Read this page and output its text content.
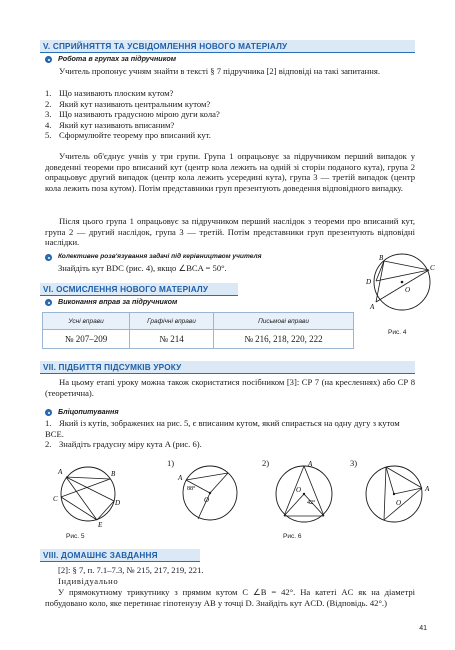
V. СПРИЙНЯТТЯ ТА УСВІДОМЛЕННЯ НОВОГО МАТЕРІАЛУ
Робота в групах за підручником
Учитель пропонує учням знайти в тексті § 7 підручника [2] відповіді на такі запитання.
1. Що називають плоским кутом?
2. Який кут називають центральним кутом?
3. Що називають градусною мірою дуги кола?
4. Який кут називають вписаним?
5. Сформулюйте теорему про вписаний кут.
Учитель об'єднує учнів у три групи. Група 1 опрацьовує за підручником перший випадок у доведенні теореми про вписаний кут (центр кола лежить на одній зі сторін поданого кута), група 2 опрацьовує другий випадок (центр кола лежить усередині кута), група 3 — третій випадок (центр кола лежить поза кутом). Потім представники груп презентують доведення відповідного випадку.
Після цього група 1 опрацьовує за підручником перший наслідок з теореми про вписаний кут, група 2 — другий наслідок, група 3 — третій. Потім представники груп презентують відповідні наслідки.
Колективне розв'язування задачі під керівництвом учителя
Знайдіть кут BDC (рис. 4), якщо ∠BCA = 50°.
B
C
D
O
A
Рис. 4
VI. ОСМИСЛЕННЯ НОВОГО МАТЕРІАЛУ
Виконання вправ за підручником
Усні вправи	Графічні вправи	Письмові вправи
№ 207–209	№ 214	№ 216, 218, 220, 222
VII. ПІДБИТТЯ ПІДСУМКІВ УРОКУ
На цьому етапі уроку можна також скористатися посібником [3]: СР 7 (на кресленнях) або СР 8 (теоретична).
Бліцопитування
1. Який із кутів, зображених на рис. 5, є вписаним кутом, який спирається на одну дугу з кутом BCE.
2. Знайдіть градусну міру кута A (рис. 6).
A	B
C	D
E
Рис. 5
1)
A
88°
O
2)	A
O
42°
Рис. 6
3)
A
O
VIII. ДОМАШНЄ ЗАВДАННЯ
[2]: § 7, п. 7.1–7.3, № 215, 217, 219, 221.
Індивідуально
У прямокутному трикутнику з прямим кутом C ∠B = 42°. На катеті AC як на діаметрі побудовано коло, яке перетинає гіпотенузу AB у точці D. Знайдіть кут ACD. (Відповідь. 42°.)
41
